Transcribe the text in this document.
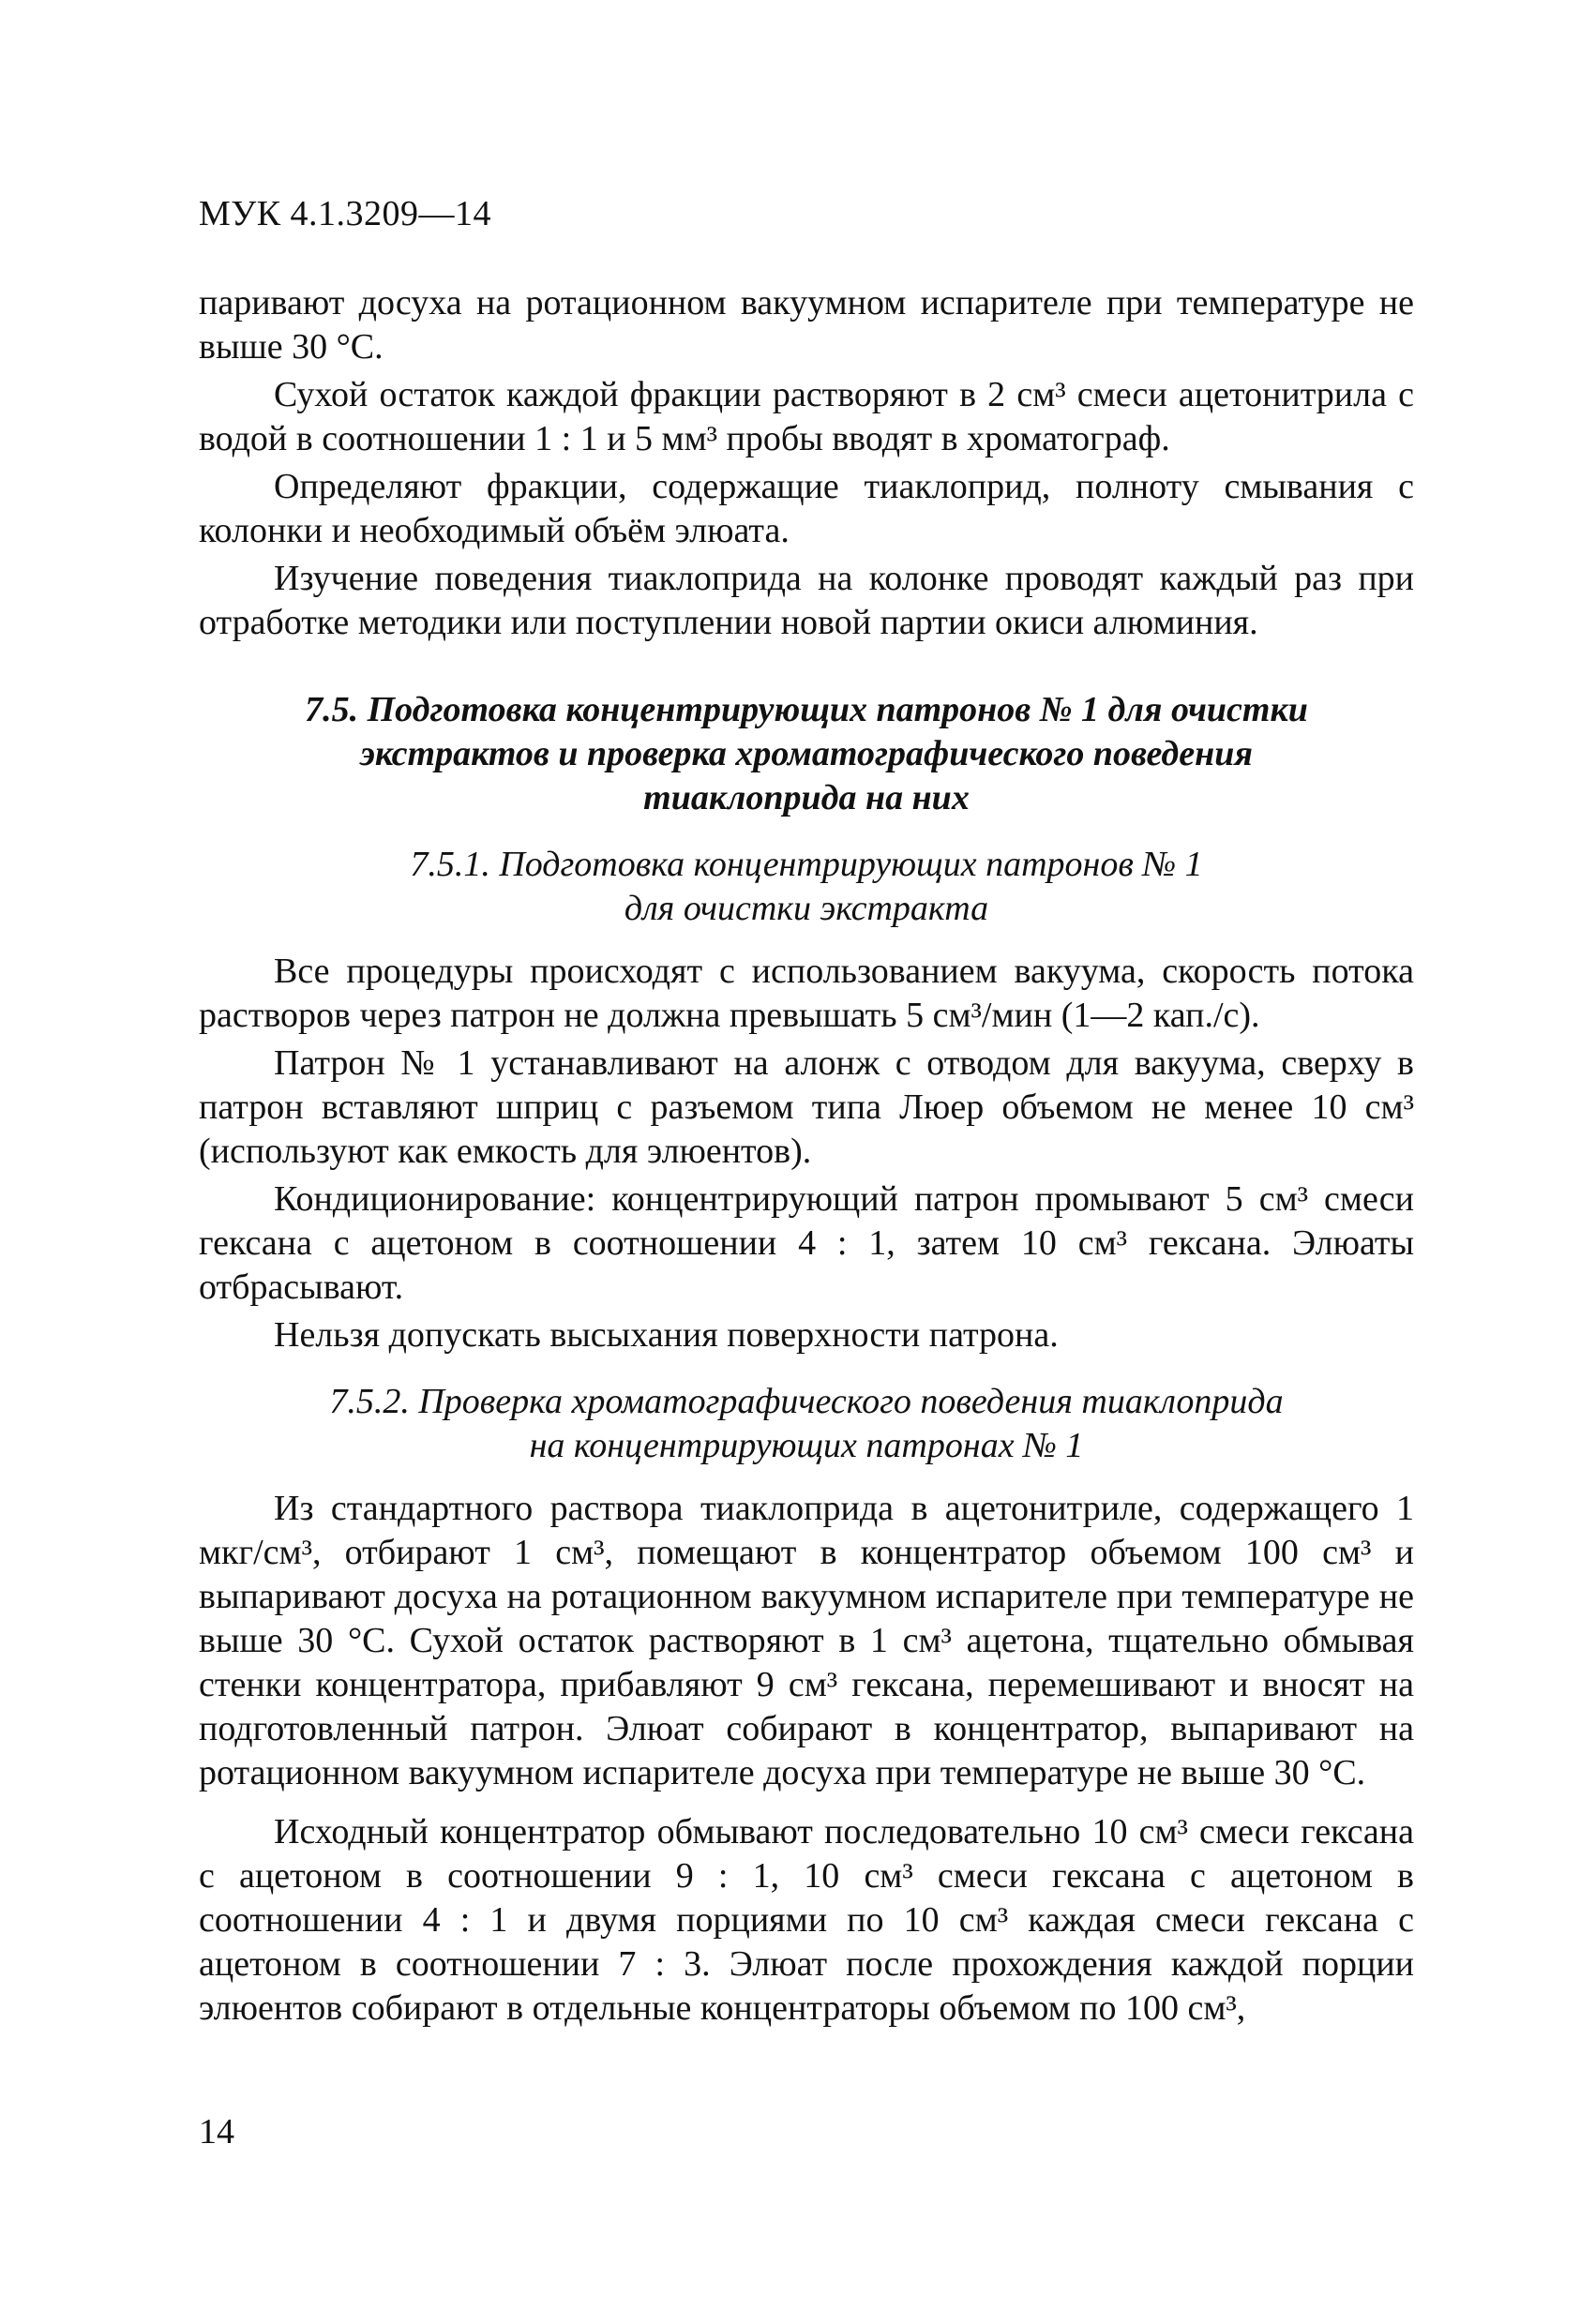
МУК 4.1.3209—14

паривают досуха на ротационном вакуумном испарителе при температуре не выше 30 °С.

Сухой остаток каждой фракции растворяют в 2 см³ смеси ацетонитрила с водой в соотношении 1 : 1 и 5 мм³ пробы вводят в хроматограф.

Определяют фракции, содержащие тиаклоприд, полноту смывания с колонки и необходимый объём элюата.

Изучение поведения тиаклоприда на колонке проводят каждый раз при отработке методики или поступлении новой партии окиси алюминия.

7.5. Подготовка концентрирующих патронов № 1 для очистки
экстрактов и проверка хроматографического поведения
тиаклоприда на них
7.5.1. Подготовка концентрирующих патронов № 1
для очистки экстракта

Все процедуры происходят с использованием вакуума, скорость потока растворов через патрон не должна превышать 5 см³/мин (1—2 кап./с).

Патрон № 1 устанавливают на алонж с отводом для вакуума, сверху в патрон вставляют шприц с разъемом типа Люер объемом не менее 10 см³ (используют как емкость для элюентов).

Кондиционирование: концентрирующий патрон промывают 5 см³ смеси гексана с ацетоном в соотношении 4 : 1, затем 10 см³ гексана. Элюаты отбрасывают.

Нельзя допускать высыхания поверхности патрона.

7.5.2. Проверка хроматографического поведения тиаклоприда
на концентрирующих патронах № 1

Из стандартного раствора тиаклоприда в ацетонитриле, содержащего 1 мкг/см³, отбирают 1 см³, помещают в концентратор объемом 100 см³ и выпаривают досуха на ротационном вакуумном испарителе при температуре не выше 30 °С. Сухой остаток растворяют в 1 см³ ацетона, тщательно обмывая стенки концентратора, прибавляют 9 см³ гексана, перемешивают и вносят на подготовленный патрон. Элюат собирают в концентратор, выпаривают на ротационном вакуумном испарителе досуха при температуре не выше 30 °С.

Исходный концентратор обмывают последовательно 10 см³ смеси гексана с ацетоном в соотношении 9 : 1, 10 см³ смеси гексана с ацетоном в соотношении 4 : 1 и двумя порциями по 10 см³ каждая смеси гексана с ацетоном в соотношении 7 : 3. Элюат после прохождения каждой порции элюентов собирают в отдельные концентраторы объемом по 100 см³,

14
